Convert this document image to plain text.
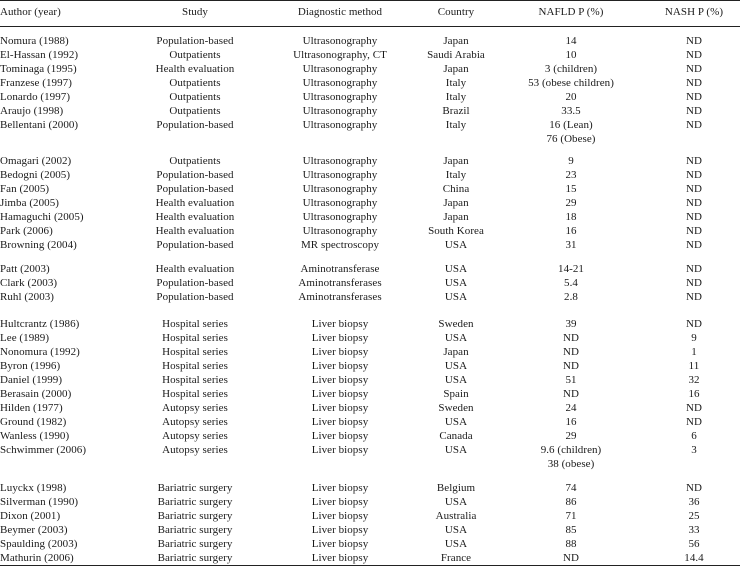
Author (year)	Study	Diagnostic method	Country	NAFLD P (%)	NASH P (%)
Nomura (1988)	Population-based	Ultrasonography	Japan	14	ND
El-Hassan (1992)	Outpatients	Ultrasonography, CT	Saudi Arabia	10	ND
Tominaga (1995)	Health evaluation	Ultrasonography	Japan	3 (children)	ND
Franzese (1997)	Outpatients	Ultrasonography	Italy	53 (obese children)	ND
Lonardo (1997)	Outpatients	Ultrasonography	Italy	20	ND
Araujo (1998)	Outpatients	Ultrasonography	Brazil	33.5	ND
Bellentani (2000)	Population-based	Ultrasonography	Italy	16 (Lean)	ND
76 (Obese)
Omagari (2002)	Outpatients	Ultrasonography	Japan	9	ND
Bedogni (2005)	Population-based	Ultrasonography	Italy	23	ND
Fan (2005)	Population-based	Ultrasonography	China	15	ND
Jimba (2005)	Health evaluation	Ultrasonography	Japan	29	ND
Hamaguchi (2005)	Health evaluation	Ultrasonography	Japan	18	ND
Park (2006)	Health evaluation	Ultrasonography	South Korea	16	ND
Browning (2004)	Population-based	MR spectroscopy	USA	31	ND
Patt (2003)	Health evaluation	Aminotransferase	USA	14-21	ND
Clark (2003)	Population-based	Aminotransferases	USA	5.4	ND
Ruhl (2003)	Population-based	Aminotransferases	USA	2.8	ND
Hultcrantz (1986)	Hospital series	Liver biopsy	Sweden	39	ND
Lee (1989)	Hospital series	Liver biopsy	USA	ND	9
Nonomura (1992)	Hospital series	Liver biopsy	Japan	ND	1
Byron (1996)	Hospital series	Liver biopsy	USA	ND	11
Daniel (1999)	Hospital series	Liver biopsy	USA	51	32
Berasain (2000)	Hospital series	Liver biopsy	Spain	ND	16
Hilden (1977)	Autopsy series	Liver biopsy	Sweden	24	ND
Ground (1982)	Autopsy series	Liver biopsy	USA	16	ND
Wanless (1990)	Autopsy series	Liver biopsy	Canada	29	6
Schwimmer (2006)	Autopsy series	Liver biopsy	USA	9.6 (children)	3
38 (obese)
Luyckx (1998)	Bariatric surgery	Liver biopsy	Belgium	74	ND
Silverman (1990)	Bariatric surgery	Liver biopsy	USA	86	36
Dixon (2001)	Bariatric surgery	Liver biopsy	Australia	71	25
Beymer (2003)	Bariatric surgery	Liver biopsy	USA	85	33
Spaulding (2003)	Bariatric surgery	Liver biopsy	USA	88	56
Mathurin (2006)	Bariatric surgery	Liver biopsy	France	ND	14.4
